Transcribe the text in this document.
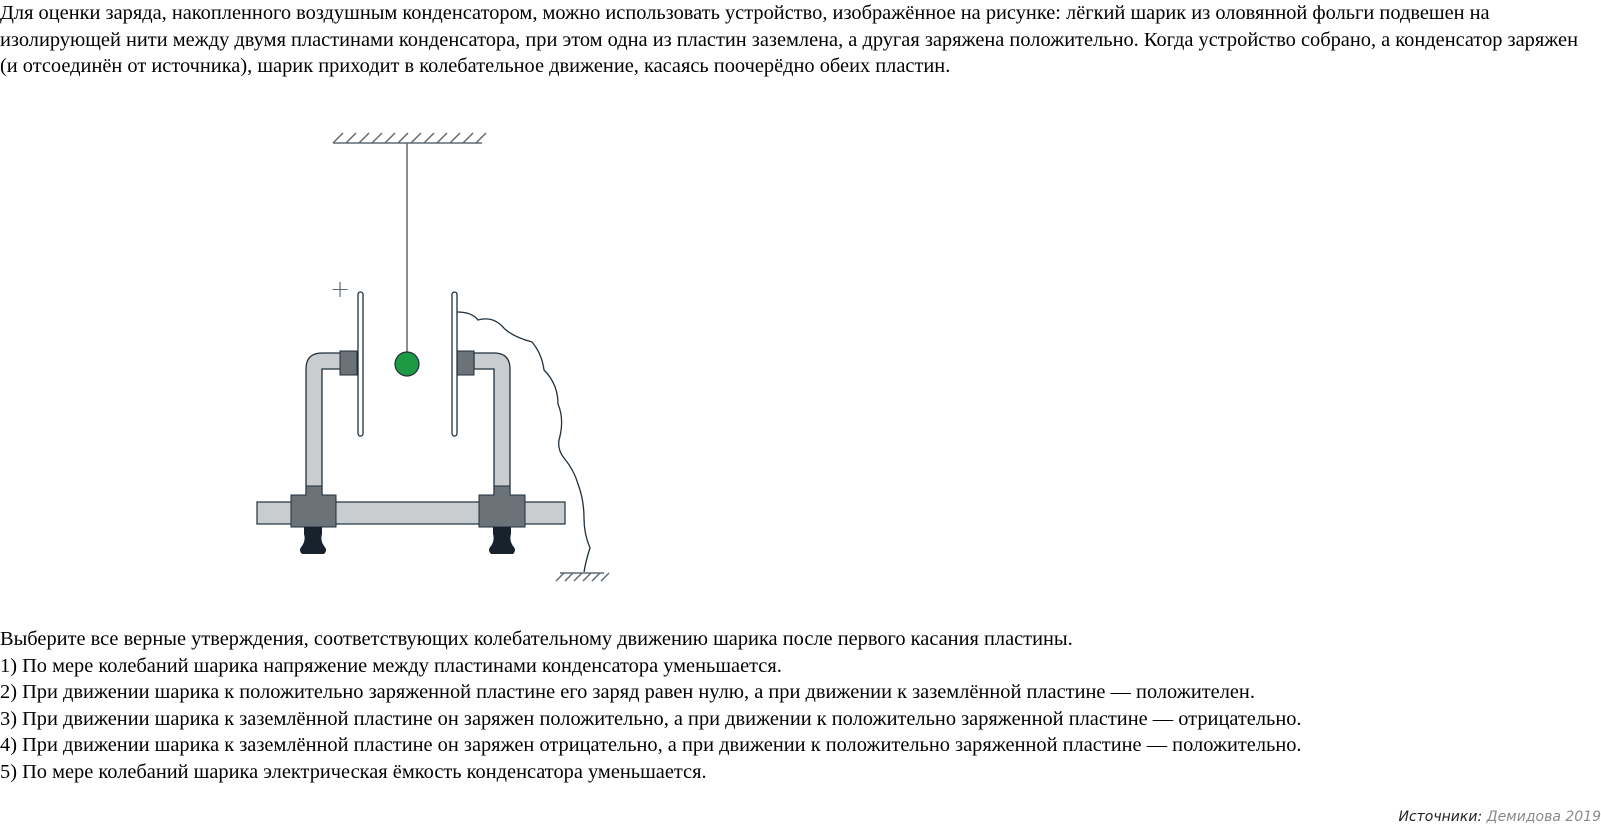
Для оценки заряда, накопленного воздушным конденсатором, можно использовать устройство, изображённое на рисунке: лёгкий шарик из оловянной фольги подвешен на изолирующей нити между двумя пластинами конденсатора, при этом одна из пластин заземлена, а другая заряжена положительно. Когда устройство собрано, а конденсатор заряжен (и отсоединён от источника), шарик приходит в колебательное движение, касаясь поочерёдно обеих пластин.

+
Выберите все верные утверждения, соответствующих колебательному движению шарика после первого касания пластины.
1) По мере колебаний шарика напряжение между пластинами конденсатора уменьшается.
2) При движении шарика к положительно заряженной пластине его заряд равен нулю, а при движении к заземлённой пластине — положителен.
3) При движении шарика к заземлённой пластине он заряжен положительно, а при движении к положительно заряженной пластине — отрицательно.
4) При движении шарика к заземлённой пластине он заряжен отрицательно, а при движении к положительно заряженной пластине — положительно.
5) По мере колебаний шарика электрическая ёмкость конденсатора уменьшается.
Источники: Демидова 2019
